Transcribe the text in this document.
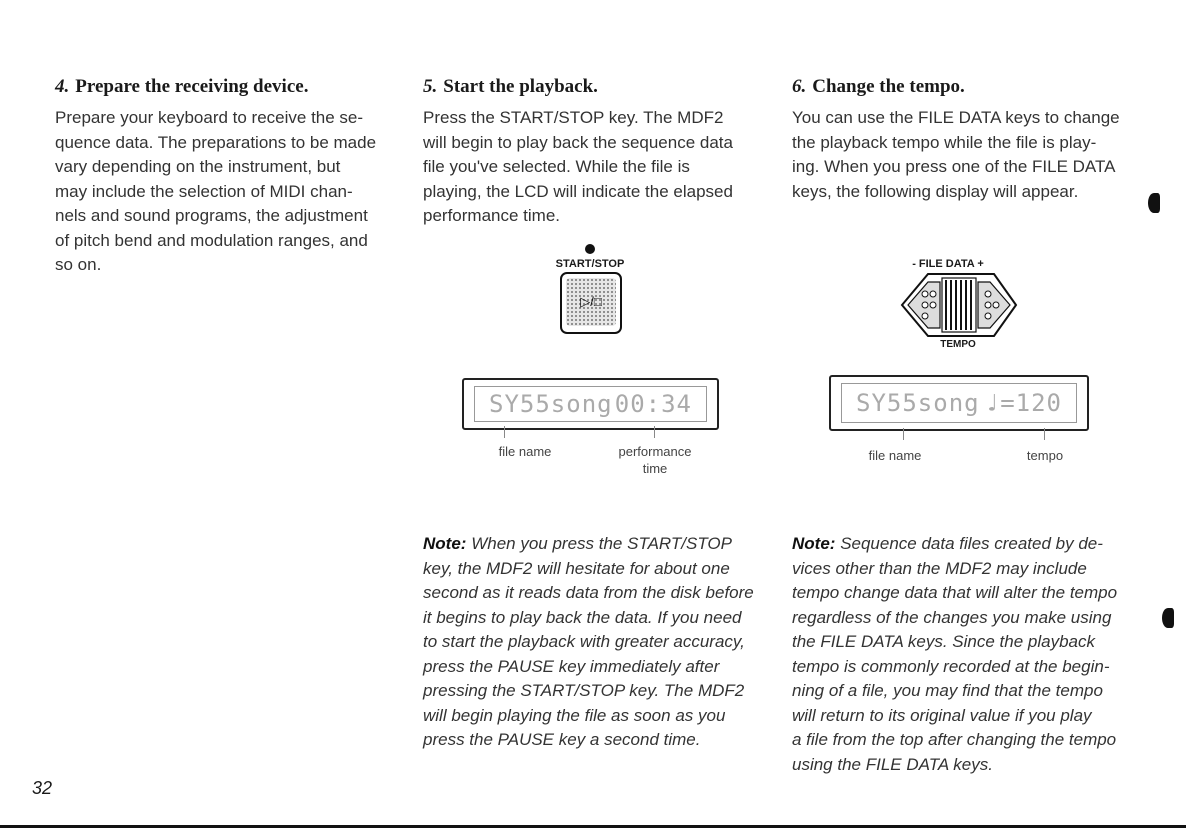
4. Prepare the receiving device.

Prepare your keyboard to receive the se-
quence data. The preparations to be made
vary depending on the instrument, but
may include the selection of MIDI chan-
nels and sound programs, the adjustment
of pitch bend and modulation ranges, and
so on.

5. Start the playback.

Press the START/STOP key. The MDF2
will begin to play back the sequence data
file you've selected. While the file is
playing, the LCD will indicate the elapsed
performance time.

6. Change the tempo.

You can use the FILE DATA keys to change
the playback tempo while the file is play-
ing. When you press one of the FILE DATA
keys, the following display will appear.

START/STOP
▷/□
- FILE DATA +
TEMPO
SY55song 00:34
file name	performance
time
SY55song ♩=120
file name	tempo

Note: When you press the START/STOP
key, the MDF2 will hesitate for about one
second as it reads data from the disk before
it begins to play back the data. If you need
to start the playback with greater accuracy,
press the PAUSE key immediately after
pressing the START/STOP key. The MDF2
will begin playing the file as soon as you
press the PAUSE key a second time.

Note: Sequence data files created by de-
vices other than the MDF2 may include
tempo change data that will alter the tempo
regardless of the changes you make using
the FILE DATA keys. Since the playback
tempo is commonly recorded at the begin-
ning of a file, you may find that the tempo
will return to its original value if you play
a file from the top after changing the tempo
using the FILE DATA keys.

32
